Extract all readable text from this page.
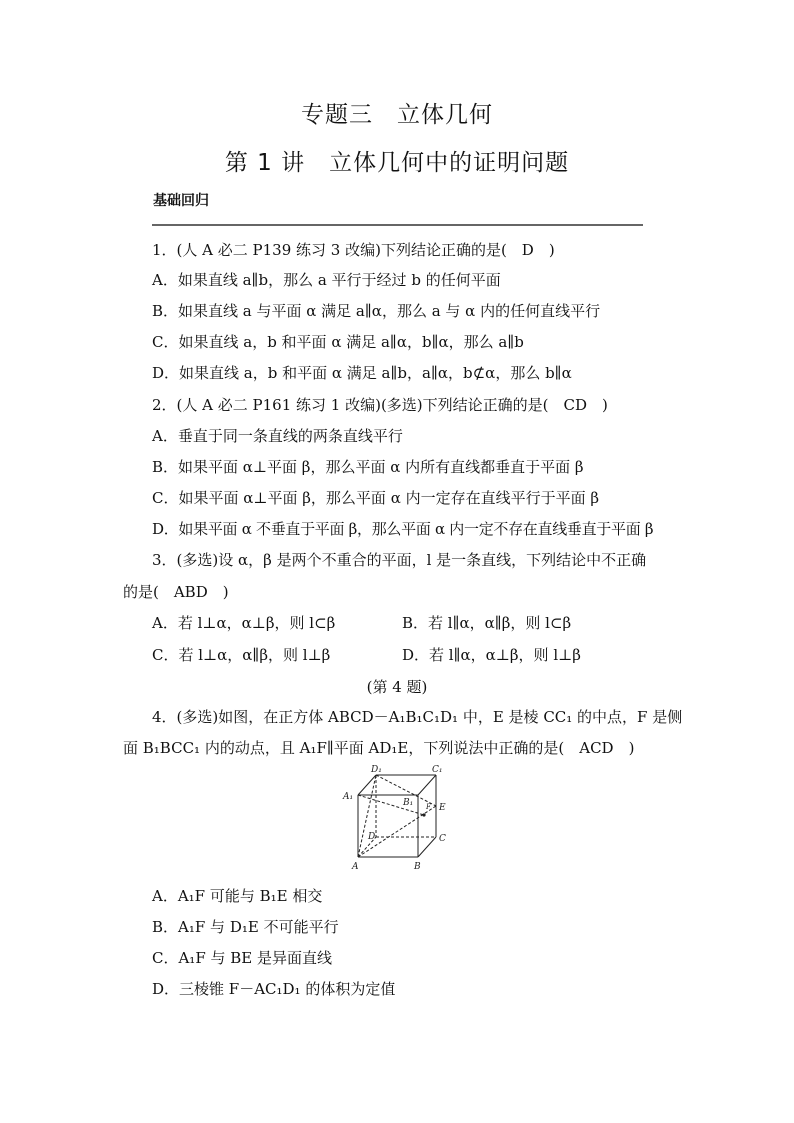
专题三　立体几何
第 1 讲　立体几何中的证明问题
基础回归
1．(人 A 必二 P139 练习 3 改编)下列结论正确的是(　D　)
A．如果直线 a∥b，那么 a 平行于经过 b 的任何平面
B．如果直线 a 与平面 α 满足 a∥α，那么 a 与 α 内的任何直线平行
C．如果直线 a，b 和平面 α 满足 a∥α，b∥α，那么 a∥b
D．如果直线 a，b 和平面 α 满足 a∥b，a∥α，b⊄α，那么 b∥α
2．(人 A 必二 P161 练习 1 改编)(多选)下列结论正确的是(　CD　)
A．垂直于同一条直线的两条直线平行
B．如果平面 α⊥平面 β，那么平面 α 内所有直线都垂直于平面 β
C．如果平面 α⊥平面 β，那么平面 α 内一定存在直线平行于平面 β
D．如果平面 α 不垂直于平面 β，那么平面 α 内一定不存在直线垂直于平面 β
3．(多选)设 α，β 是两个不重合的平面，l 是一条直线，下列结论中不正确
的是(　ABD　)
A．若 l⊥α，α⊥β，则 l⊂β	B．若 l∥α，α∥β，则 l⊂β
C．若 l⊥α，α∥β，则 l⊥β	D．若 l∥α，α⊥β，则 l⊥β
(第 4 题)
4．(多选)如图，在正方体 ABCD－A₁B₁C₁D₁ 中，E 是棱 CC₁ 的中点，F 是侧
面 B₁BCC₁ 内的动点，且 A₁F∥平面 AD₁E，下列说法中正确的是(　ACD　)
D₁	C₁
A₁
B₁	E
F
D	C
A	B
A．A₁F 可能与 B₁E 相交
B．A₁F 与 D₁E 不可能平行
C．A₁F 与 BE 是异面直线
D．三棱锥 F－AC₁D₁ 的体积为定值
